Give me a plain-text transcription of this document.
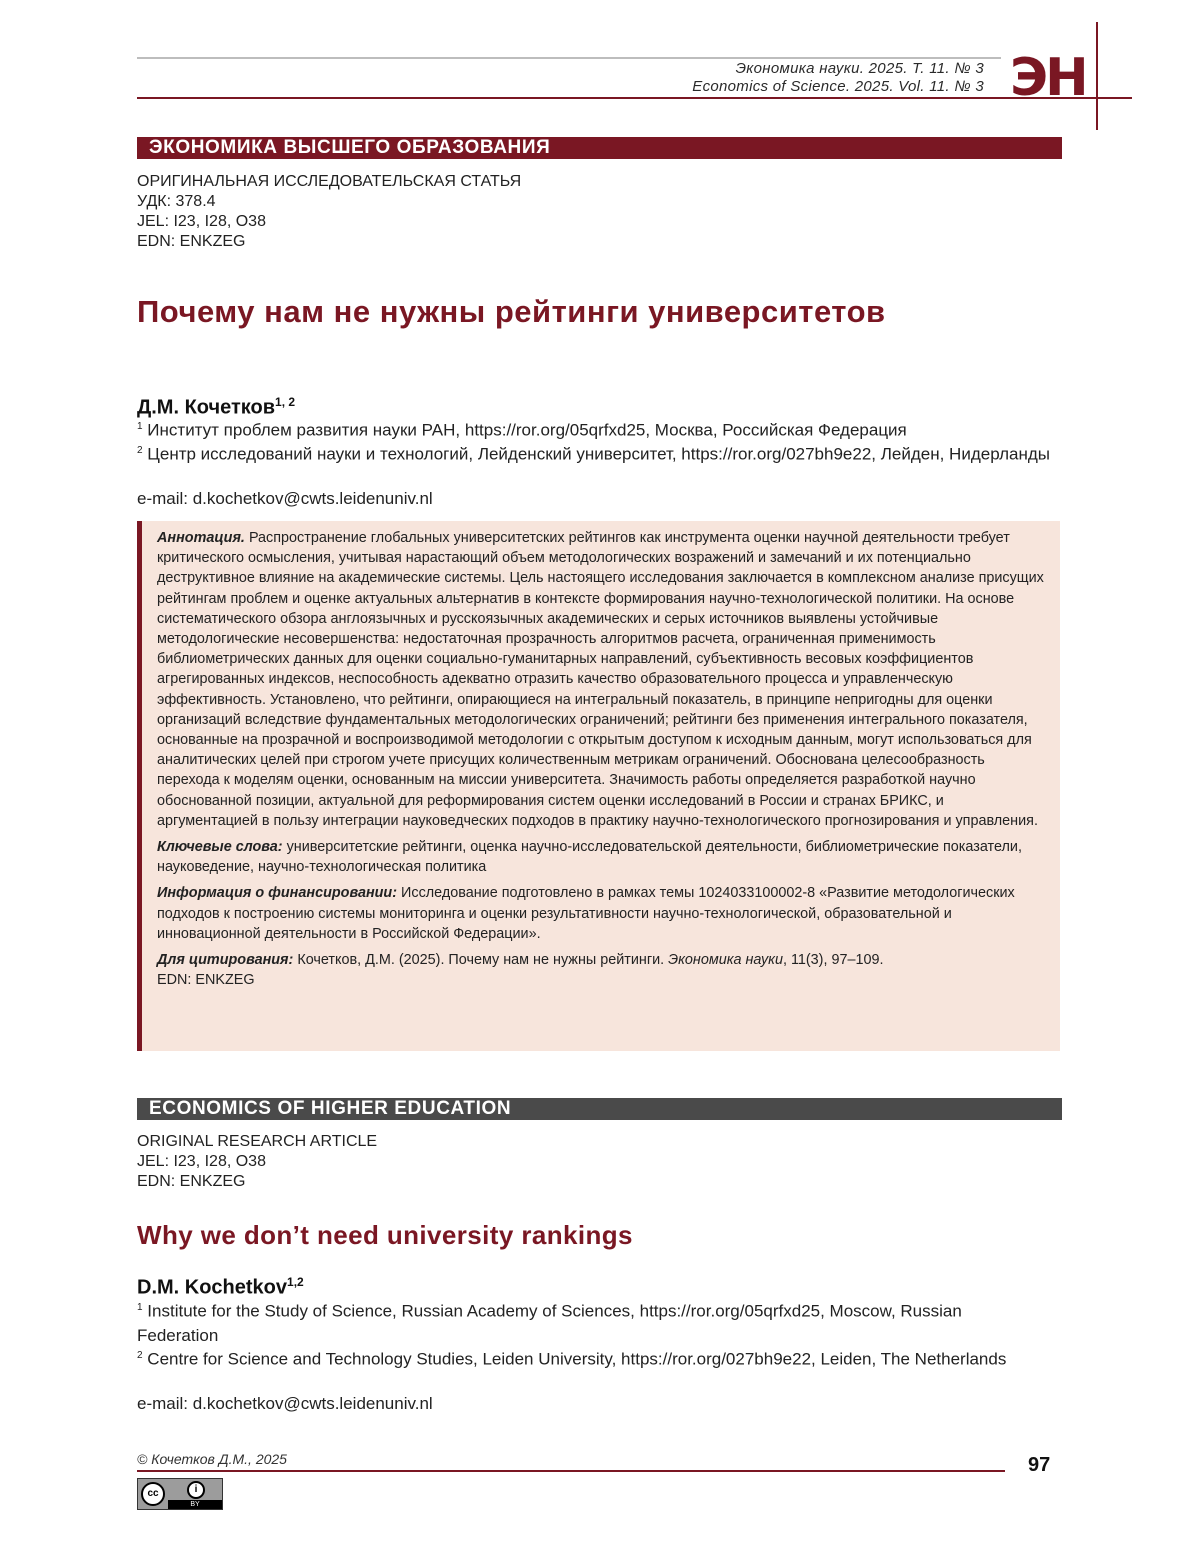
Экономика науки. 2025. Т. 11. № 3
Economics of Science. 2025. Vol. 11. № 3 ЭН
ЭКОНОМИКА ВЫСШЕГО ОБРАЗОВАНИЯ
ОРИГИНАЛЬНАЯ ИССЛЕДОВАТЕЛЬСКАЯ СТАТЬЯ
УДК: 378.4
JEL: I23, I28, O38
EDN: ENKZEG
Почему нам не нужны рейтинги университетов
Д.М. Кочетков1, 2
1 Институт проблем развития науки РАН, https://ror.org/05qrfxd25, Москва, Российская Федерация
2 Центр исследований науки и технологий, Лейденский университет, https://ror.org/027bh9e22, Лейден, Нидерланды
e-mail: d.kochetkov@cwts.leidenuniv.nl

Аннотация. Распространение глобальных университетских рейтингов как инструмента оценки научной деятельности требует критического осмысления, учитывая нарастающий объем методологических возражений и замечаний и их потенциально деструктивное влияние на академические системы. Цель настоящего исследования заключается в комплексном анализе присущих рейтингам проблем и оценке актуальных альтернатив в контексте формирования научно-технологической политики. На основе систематического обзора англоязычных и русскоязычных академических и серых источников выявлены устойчивые методологические несовершенства: недостаточная прозрачность алгоритмов расчета, ограниченная применимость библиометрических данных для оценки социально-гуманитарных направлений, субъективность весовых коэффициентов агрегированных индексов, неспособность адекватно отразить качество образовательного процесса и управленческую эффективность. Установлено, что рейтинги, опирающиеся на интегральный показатель, в принципе непригодны для оценки организаций вследствие фундаментальных методологических ограничений; рейтинги без применения интегрального показателя, основанные на прозрачной и воспроизводимой методологии с открытым доступом к исходным данным, могут использоваться для аналитических целей при строгом учете присущих количественным метрикам ограничений. Обоснована целесообразность перехода к моделям оценки, основанным на миссии университета. Значимость работы определяется разработкой научно обоснованной позиции, актуальной для реформирования систем оценки исследований в России и странах БРИКС, и аргументацией в пользу интеграции науковедческих подходов в практику научно-технологического прогнозирования и управления.

Ключевые слова: университетские рейтинги, оценка научно-исследовательской деятельности, библиометрические показатели, науковедение, научно-технологическая политика

Информация о финансировании: Исследование подготовлено в рамках темы 1024033100002-8 «Развитие методологических подходов к построению системы мониторинга и оценки результативности научно-технологической, образовательной и инновационной деятельности в Российской Федерации».

Для цитирования: Кочетков, Д.М. (2025). Почему нам не нужны рейтинги. Экономика науки, 11(3), 97–109.
EDN: ENKZEG

ECONOMICS OF HIGHER EDUCATION
ORIGINAL RESEARCH ARTICLE
JEL: I23, I28, O38
EDN: ENKZEG
Why we don’t need university rankings
D.M. Kochetkov1,2
1 Institute for the Study of Science, Russian Academy of Sciences, https://ror.org/05qrfxd25, Moscow, Russian Federation
2 Centre for Science and Technology Studies, Leiden University, https://ror.org/027bh9e22, Leiden, The Netherlands
e-mail: d.kochetkov@cwts.leidenuniv.nl
© Кочетков Д.М., 2025	97
cc	i
BY
